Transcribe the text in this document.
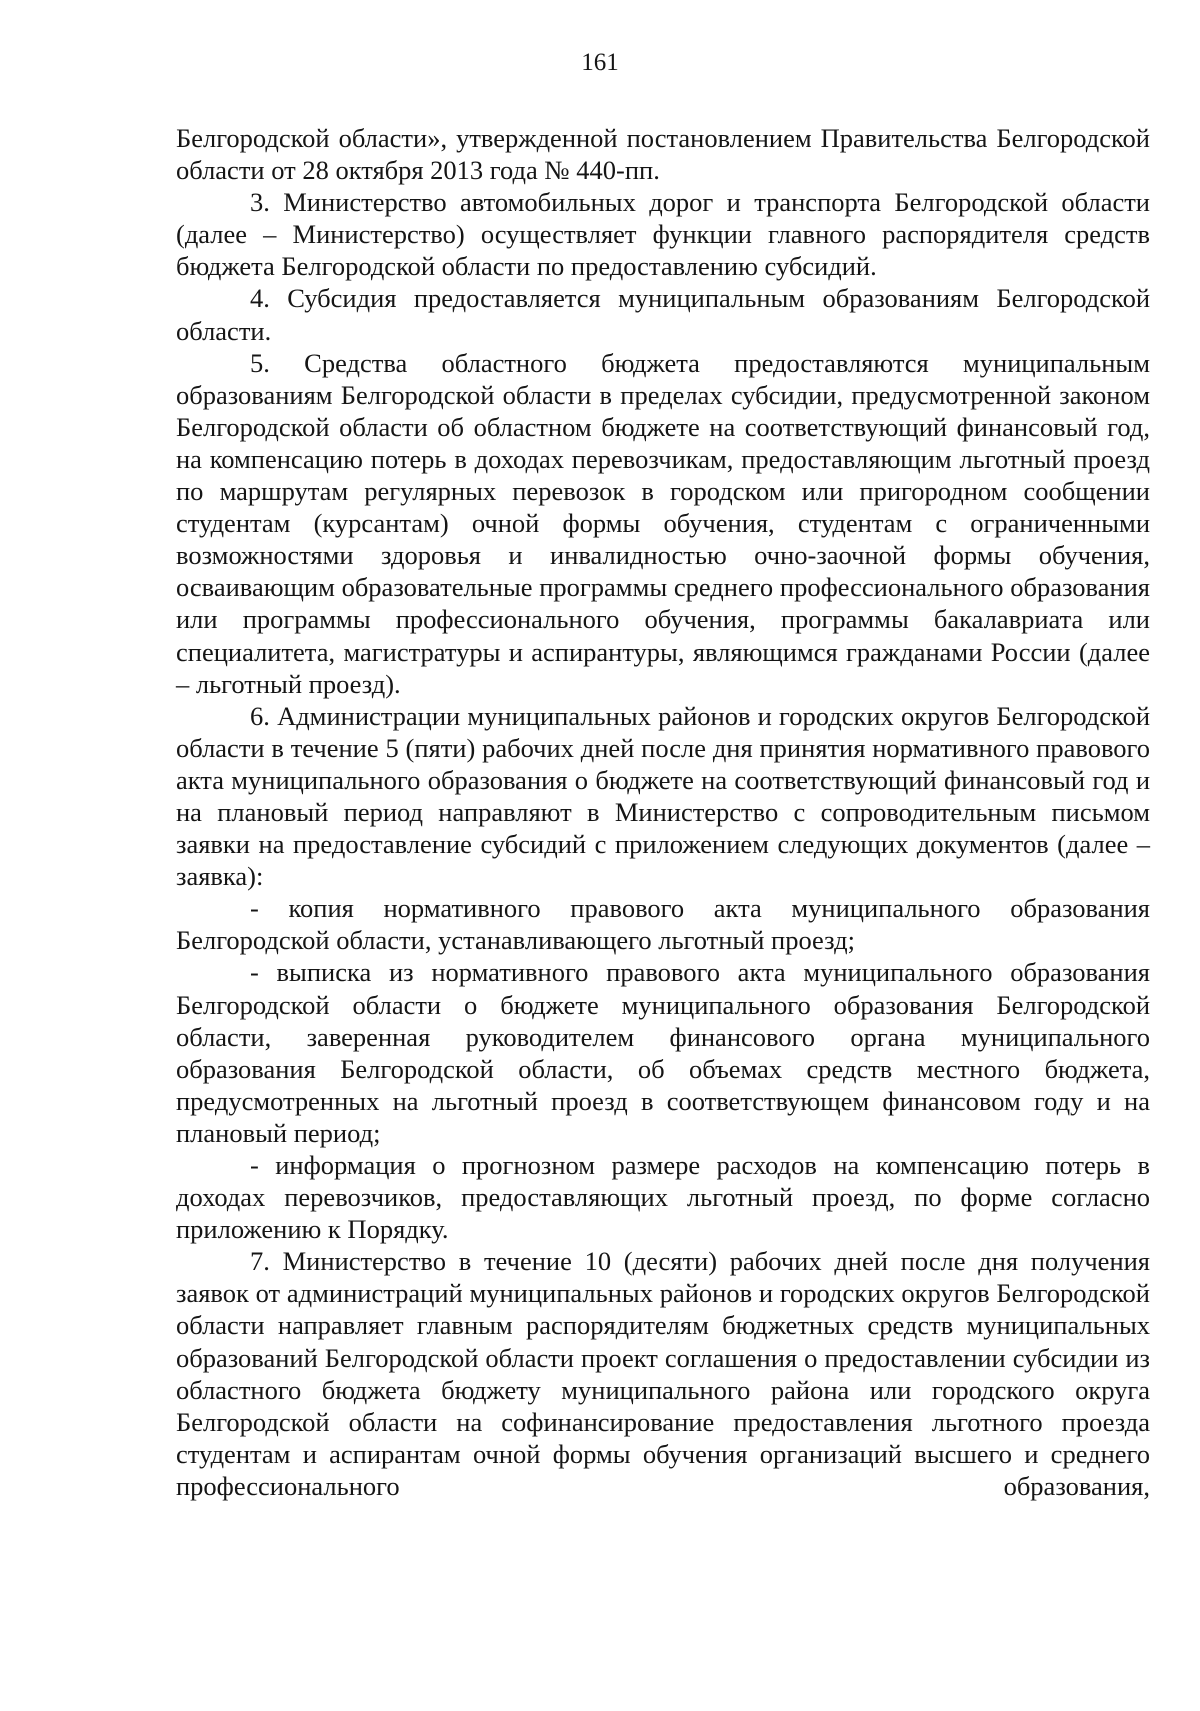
161

Белгородской области», утвержденной постановлением Правительства Белгородской области от 28 октября 2013 года № 440-пп.

3. Министерство автомобильных дорог и транспорта Белгородской области (далее – Министерство) осуществляет функции главного распорядителя средств бюджета Белгородской области по предоставлению субсидий.

4. Субсидия предоставляется муниципальным образованиям Белгородской области.

5. Средства областного бюджета предоставляются муниципальным образованиям Белгородской области в пределах субсидии, предусмотренной законом Белгородской области об областном бюджете на соответствующий финансовый год, на компенсацию потерь в доходах перевозчикам, предоставляющим льготный проезд по маршрутам регулярных перевозок в городском или пригородном сообщении студентам (курсантам) очной формы обучения, студентам с ограниченными возможностями здоровья и инвалидностью очно-заочной формы обучения, осваивающим образовательные программы среднего профессионального образования или программы профессионального обучения, программы бакалавриата или специалитета, магистратуры и аспирантуры, являющимся гражданами России (далее – льготный проезд).

6. Администрации муниципальных районов и городских округов Белгородской области в течение 5 (пяти) рабочих дней после дня принятия нормативного правового акта муниципального образования о бюджете на соответствующий финансовый год и на плановый период направляют в Министерство с сопроводительным письмом заявки на предоставление субсидий с приложением следующих документов (далее – заявка):

- копия нормативного правового акта муниципального образования Белгородской области, устанавливающего льготный проезд;

- выписка из нормативного правового акта муниципального образования Белгородской области о бюджете муниципального образования Белгородской области, заверенная руководителем финансового органа муниципального образования Белгородской области, об объемах средств местного бюджета, предусмотренных на льготный проезд в соответствующем финансовом году и на плановый период;

- информация о прогнозном размере расходов на компенсацию потерь в доходах перевозчиков, предоставляющих льготный проезд, по форме согласно приложению к Порядку.

7. Министерство в течение 10 (десяти) рабочих дней после дня получения заявок от администраций муниципальных районов и городских округов Белгородской области направляет главным распорядителям бюджетных средств муниципальных образований Белгородской области проект соглашения о предоставлении субсидии из областного бюджета бюджету муниципального района или городского округа Белгородской области на софинансирование предоставления льготного проезда студентам и аспирантам очной формы обучения организаций высшего и среднего профессионального образования,
